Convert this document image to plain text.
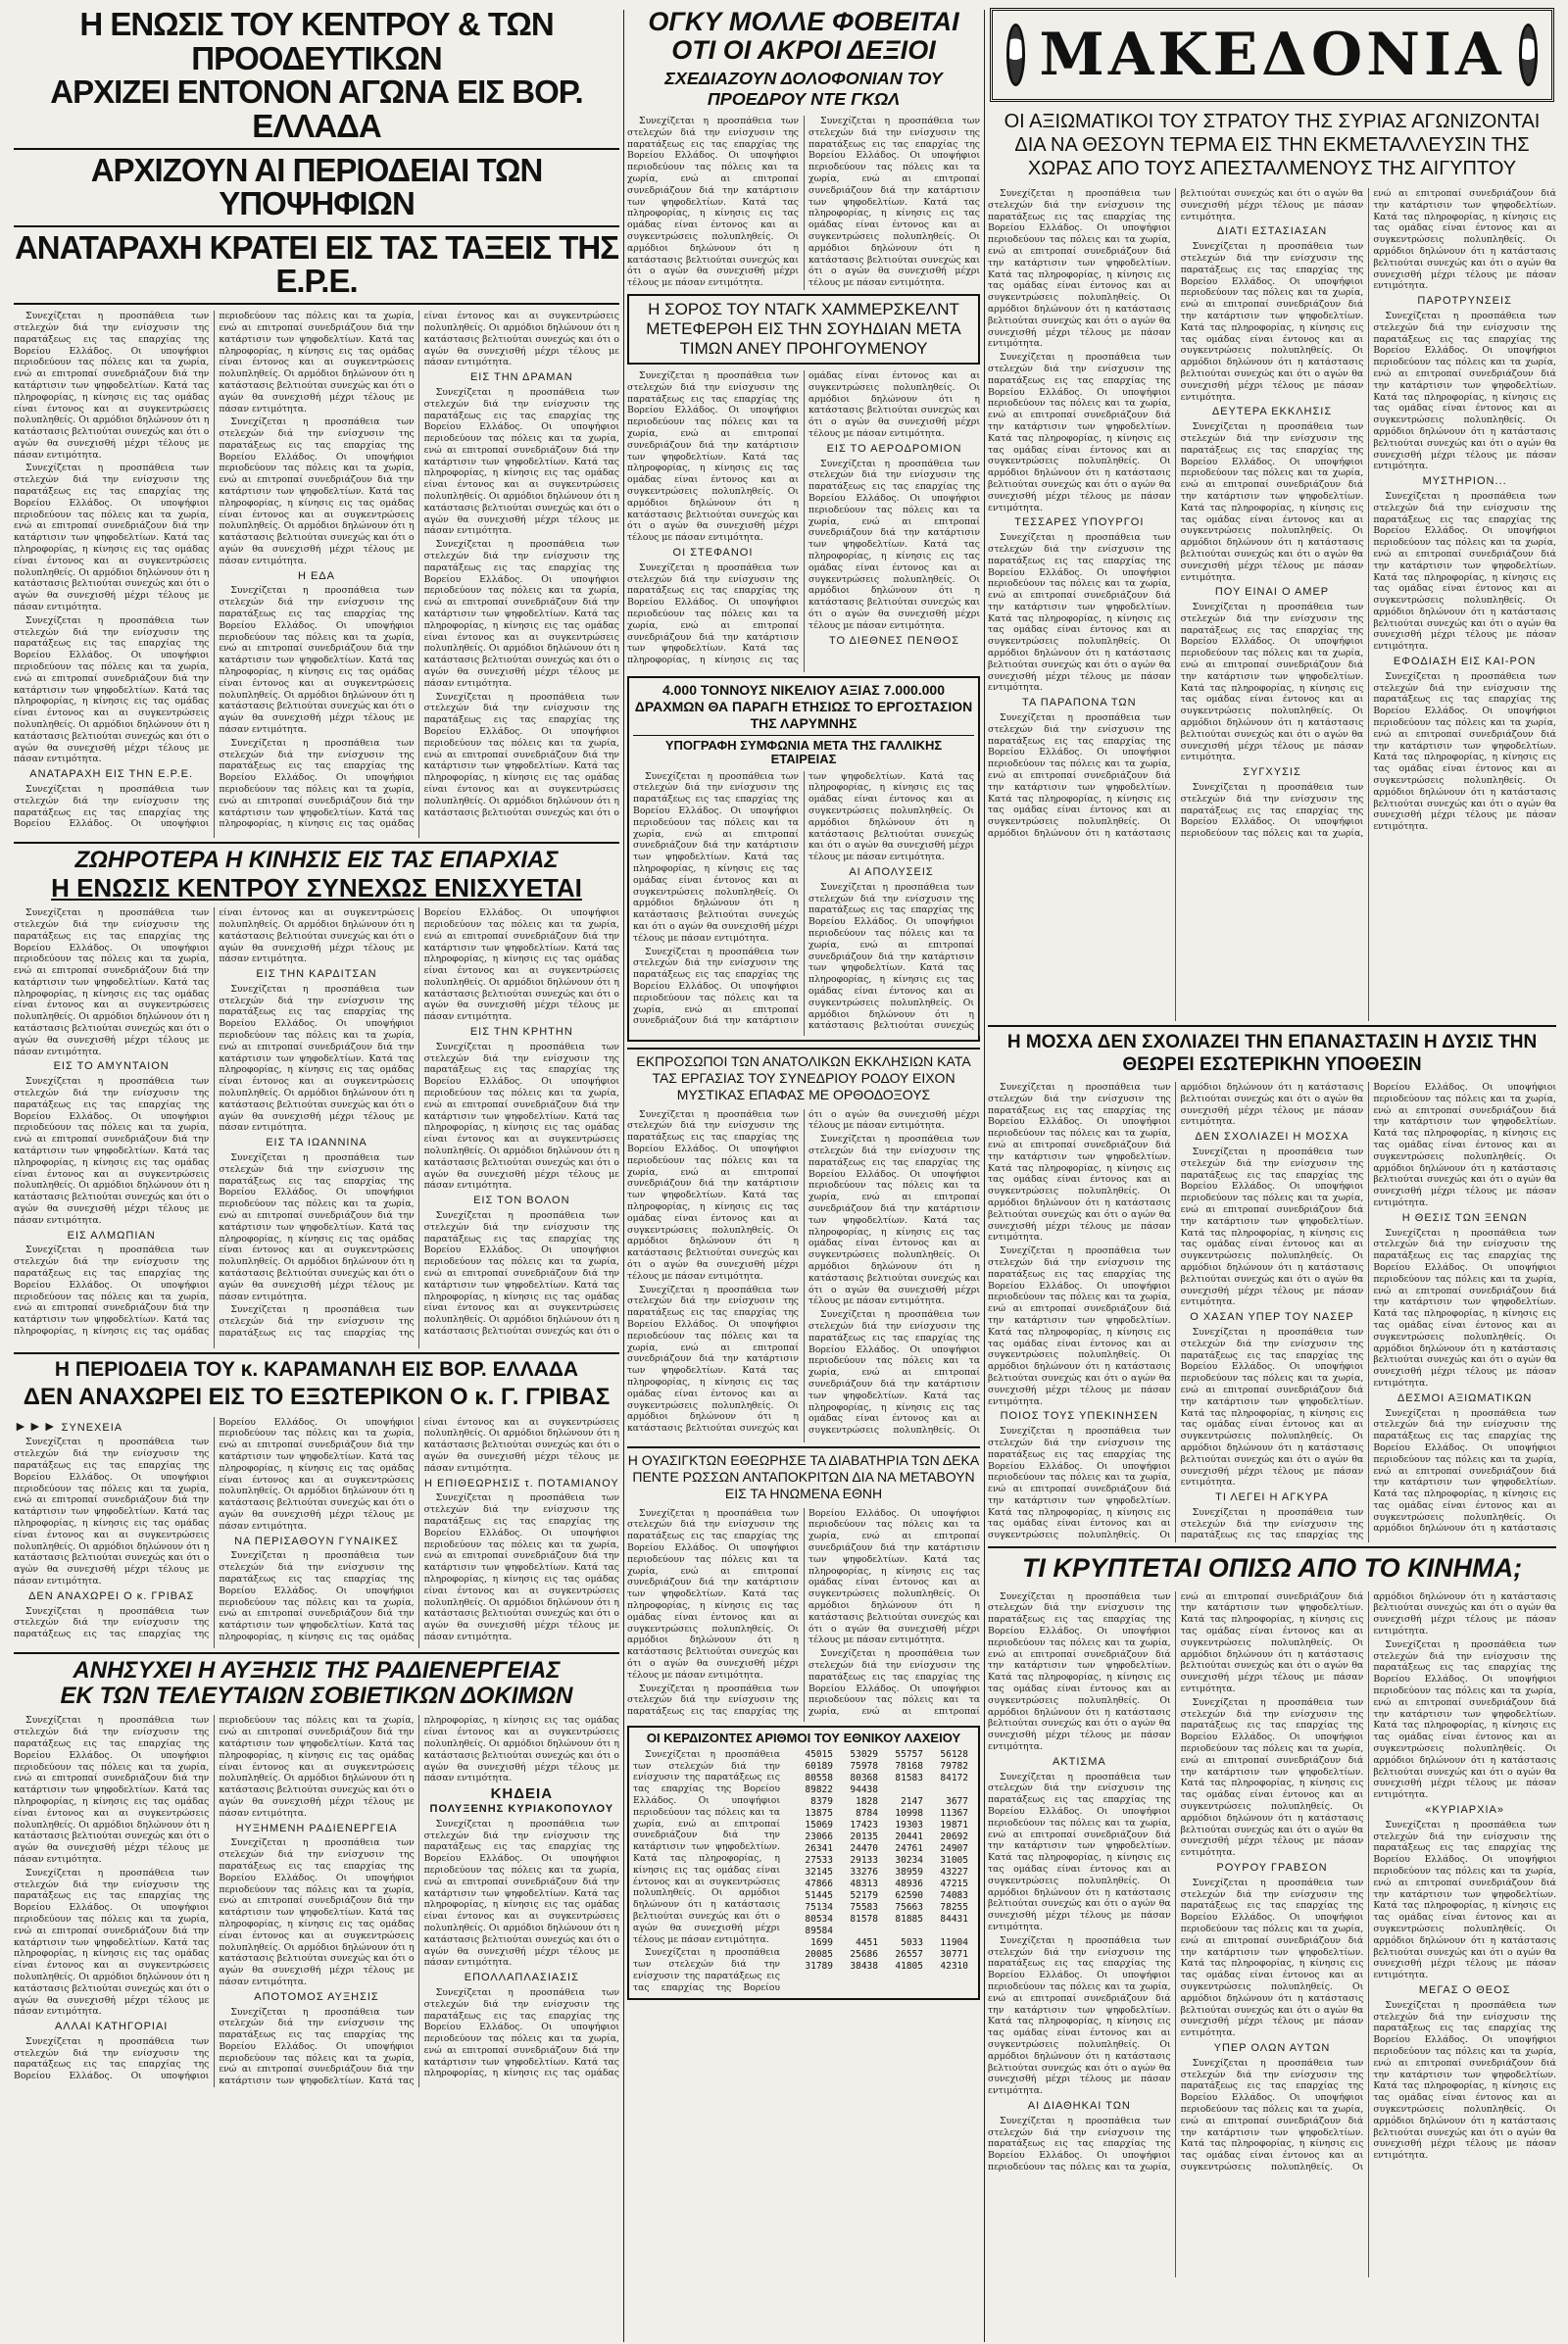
Η ΕΝΩΣΙΣ ΤΟΥ ΚΕΝΤΡΟΥ & ΤΩΝ ΠΡΟΟΔΕΥΤΙΚΩΝ
ΑΡΧΙΖΕΙ ΕΝΤΟΝΟΝ ΑΓΩΝΑ ΕΙΣ ΒΟΡ. ΕΛΛΑΔΑ
ΑΡΧΙΖΟΥΝ ΑΙ ΠΕΡΙΟΔΕΙΑΙ ΤΩΝ ΥΠΟΨΗΦΙΩΝ
ΑΝΑΤΑΡΑΧΗ ΚΡΑΤΕΙ ΕΙΣ ΤΑΣ ΤΑΞΕΙΣ ΤΗΣ Ε.Ρ.Ε.

Συνεχίζεται η προσπάθεια των στελεχών διά την ενίσχυσιν της παρατάξεως εις τας επαρχίας της Βορείου Ελλάδος. Οι υποψήφιοι περιοδεύουν τας πόλεις και τα χωρία, ενώ αι επιτροπαί συνεδριάζουν διά την κατάρτισιν των ψηφοδελτίων. Κατά τας πληροφορίας, η κίνησις εις τας ομάδας είναι έντονος και αι συγκεντρώσεις πολυπληθείς. Οι αρμόδιοι δηλώνουν ότι η κατάστασις βελτιούται συνεχώς και ότι ο αγών θα συνεχισθή μέχρι τέλους με πάσαν εντιμότητα.

Συνεχίζεται η προσπάθεια των στελεχών διά την ενίσχυσιν της παρατάξεως εις τας επαρχίας της Βορείου Ελλάδος. Οι υποψήφιοι περιοδεύουν τας πόλεις και τα χωρία, ενώ αι επιτροπαί συνεδριάζουν διά την κατάρτισιν των ψηφοδελτίων. Κατά τας πληροφορίας, η κίνησις εις τας ομάδας είναι έντονος και αι συγκεντρώσεις πολυπληθείς. Οι αρμόδιοι δηλώνουν ότι η κατάστασις βελτιούται συνεχώς και ότι ο αγών θα συνεχισθή μέχρι τέλους με πάσαν εντιμότητα.

Συνεχίζεται η προσπάθεια των στελεχών διά την ενίσχυσιν της παρατάξεως εις τας επαρχίας της Βορείου Ελλάδος. Οι υποψήφιοι περιοδεύουν τας πόλεις και τα χωρία, ενώ αι επιτροπαί συνεδριάζουν διά την κατάρτισιν των ψηφοδελτίων. Κατά τας πληροφορίας, η κίνησις εις τας ομάδας είναι έντονος και αι συγκεντρώσεις πολυπληθείς. Οι αρμόδιοι δηλώνουν ότι η κατάστασις βελτιούται συνεχώς και ότι ο αγών θα συνεχισθή μέχρι τέλους με πάσαν εντιμότητα.

ΑΝΑΤΑΡΑΧΗ ΕΙΣ ΤΗΝ Ε.Ρ.Ε.

Συνεχίζεται η προσπάθεια των στελεχών διά την ενίσχυσιν της παρατάξεως εις τας επαρχίας της Βορείου Ελλάδος. Οι υποψήφιοι περιοδεύουν τας πόλεις και τα χωρία, ενώ αι επιτροπαί συνεδριάζουν διά την κατάρτισιν των ψηφοδελτίων. Κατά τας πληροφορίας, η κίνησις εις τας ομάδας είναι έντονος και αι συγκεντρώσεις πολυπληθείς. Οι αρμόδιοι δηλώνουν ότι η κατάστασις βελτιούται συνεχώς και ότι ο αγών θα συνεχισθή μέχρι τέλους με πάσαν εντιμότητα.

Συνεχίζεται η προσπάθεια των στελεχών διά την ενίσχυσιν της παρατάξεως εις τας επαρχίας της Βορείου Ελλάδος. Οι υποψήφιοι περιοδεύουν τας πόλεις και τα χωρία, ενώ αι επιτροπαί συνεδριάζουν διά την κατάρτισιν των ψηφοδελτίων. Κατά τας πληροφορίας, η κίνησις εις τας ομάδας είναι έντονος και αι συγκεντρώσεις πολυπληθείς. Οι αρμόδιοι δηλώνουν ότι η κατάστασις βελτιούται συνεχώς και ότι ο αγών θα συνεχισθή μέχρι τέλους με πάσαν εντιμότητα.

Η ΕΔΑ

Συνεχίζεται η προσπάθεια των στελεχών διά την ενίσχυσιν της παρατάξεως εις τας επαρχίας της Βορείου Ελλάδος. Οι υποψήφιοι περιοδεύουν τας πόλεις και τα χωρία, ενώ αι επιτροπαί συνεδριάζουν διά την κατάρτισιν των ψηφοδελτίων. Κατά τας πληροφορίας, η κίνησις εις τας ομάδας είναι έντονος και αι συγκεντρώσεις πολυπληθείς. Οι αρμόδιοι δηλώνουν ότι η κατάστασις βελτιούται συνεχώς και ότι ο αγών θα συνεχισθή μέχρι τέλους με πάσαν εντιμότητα.

Συνεχίζεται η προσπάθεια των στελεχών διά την ενίσχυσιν της παρατάξεως εις τας επαρχίας της Βορείου Ελλάδος. Οι υποψήφιοι περιοδεύουν τας πόλεις και τα χωρία, ενώ αι επιτροπαί συνεδριάζουν διά την κατάρτισιν των ψηφοδελτίων. Κατά τας πληροφορίας, η κίνησις εις τας ομάδας είναι έντονος και αι συγκεντρώσεις πολυπληθείς. Οι αρμόδιοι δηλώνουν ότι η κατάστασις βελτιούται συνεχώς και ότι ο αγών θα συνεχισθή μέχρι τέλους με πάσαν εντιμότητα.

ΕΙΣ ΤΗΝ ΔΡΑΜΑΝ

Συνεχίζεται η προσπάθεια των στελεχών διά την ενίσχυσιν της παρατάξεως εις τας επαρχίας της Βορείου Ελλάδος. Οι υποψήφιοι περιοδεύουν τας πόλεις και τα χωρία, ενώ αι επιτροπαί συνεδριάζουν διά την κατάρτισιν των ψηφοδελτίων. Κατά τας πληροφορίας, η κίνησις εις τας ομάδας είναι έντονος και αι συγκεντρώσεις πολυπληθείς. Οι αρμόδιοι δηλώνουν ότι η κατάστασις βελτιούται συνεχώς και ότι ο αγών θα συνεχισθή μέχρι τέλους με πάσαν εντιμότητα.

Συνεχίζεται η προσπάθεια των στελεχών διά την ενίσχυσιν της παρατάξεως εις τας επαρχίας της Βορείου Ελλάδος. Οι υποψήφιοι περιοδεύουν τας πόλεις και τα χωρία, ενώ αι επιτροπαί συνεδριάζουν διά την κατάρτισιν των ψηφοδελτίων. Κατά τας πληροφορίας, η κίνησις εις τας ομάδας είναι έντονος και αι συγκεντρώσεις πολυπληθείς. Οι αρμόδιοι δηλώνουν ότι η κατάστασις βελτιούται συνεχώς και ότι ο αγών θα συνεχισθή μέχρι τέλους με πάσαν εντιμότητα.

Συνεχίζεται η προσπάθεια των στελεχών διά την ενίσχυσιν της παρατάξεως εις τας επαρχίας της Βορείου Ελλάδος. Οι υποψήφιοι περιοδεύουν τας πόλεις και τα χωρία, ενώ αι επιτροπαί συνεδριάζουν διά την κατάρτισιν των ψηφοδελτίων. Κατά τας πληροφορίας, η κίνησις εις τας ομάδας είναι έντονος και αι συγκεντρώσεις πολυπληθείς. Οι αρμόδιοι δηλώνουν ότι η κατάστασις βελτιούται συνεχώς και ότι ο

ΖΩΗΡΟΤΕΡΑ Η ΚΙΝΗΣΙΣ ΕΙΣ ΤΑΣ ΕΠΑΡΧΙΑΣ
Η ΕΝΩΣΙΣ ΚΕΝΤΡΟΥ ΣΥΝΕΧΩΣ ΕΝΙΣΧΥΕΤΑΙ

Συνεχίζεται η προσπάθεια των στελεχών διά την ενίσχυσιν της παρατάξεως εις τας επαρχίας της Βορείου Ελλάδος. Οι υποψήφιοι περιοδεύουν τας πόλεις και τα χωρία, ενώ αι επιτροπαί συνεδριάζουν διά την κατάρτισιν των ψηφοδελτίων. Κατά τας πληροφορίας, η κίνησις εις τας ομάδας είναι έντονος και αι συγκεντρώσεις πολυπληθείς. Οι αρμόδιοι δηλώνουν ότι η κατάστασις βελτιούται συνεχώς και ότι ο αγών θα συνεχισθή μέχρι τέλους με πάσαν εντιμότητα.

ΕΙΣ ΤΟ ΑΜΥΝΤΑΙΟΝ

Συνεχίζεται η προσπάθεια των στελεχών διά την ενίσχυσιν της παρατάξεως εις τας επαρχίας της Βορείου Ελλάδος. Οι υποψήφιοι περιοδεύουν τας πόλεις και τα χωρία, ενώ αι επιτροπαί συνεδριάζουν διά την κατάρτισιν των ψηφοδελτίων. Κατά τας πληροφορίας, η κίνησις εις τας ομάδας είναι έντονος και αι συγκεντρώσεις πολυπληθείς. Οι αρμόδιοι δηλώνουν ότι η κατάστασις βελτιούται συνεχώς και ότι ο αγών θα συνεχισθή μέχρι τέλους με πάσαν εντιμότητα.

ΕΙΣ ΑΛΜΩΠΙΑΝ

Συνεχίζεται η προσπάθεια των στελεχών διά την ενίσχυσιν της παρατάξεως εις τας επαρχίας της Βορείου Ελλάδος. Οι υποψήφιοι περιοδεύουν τας πόλεις και τα χωρία, ενώ αι επιτροπαί συνεδριάζουν διά την κατάρτισιν των ψηφοδελτίων. Κατά τας πληροφορίας, η κίνησις εις τας ομάδας είναι έντονος και αι συγκεντρώσεις πολυπληθείς. Οι αρμόδιοι δηλώνουν ότι η κατάστασις βελτιούται συνεχώς και ότι ο αγών θα συνεχισθή μέχρι τέλους με πάσαν εντιμότητα.

ΕΙΣ ΤΗΝ ΚΑΡΔΙΤΣΑΝ

Συνεχίζεται η προσπάθεια των στελεχών διά την ενίσχυσιν της παρατάξεως εις τας επαρχίας της Βορείου Ελλάδος. Οι υποψήφιοι περιοδεύουν τας πόλεις και τα χωρία, ενώ αι επιτροπαί συνεδριάζουν διά την κατάρτισιν των ψηφοδελτίων. Κατά τας πληροφορίας, η κίνησις εις τας ομάδας είναι έντονος και αι συγκεντρώσεις πολυπληθείς. Οι αρμόδιοι δηλώνουν ότι η κατάστασις βελτιούται συνεχώς και ότι ο αγών θα συνεχισθή μέχρι τέλους με πάσαν εντιμότητα.

ΕΙΣ ΤΑ ΙΩΑΝΝΙΝΑ

Συνεχίζεται η προσπάθεια των στελεχών διά την ενίσχυσιν της παρατάξεως εις τας επαρχίας της Βορείου Ελλάδος. Οι υποψήφιοι περιοδεύουν τας πόλεις και τα χωρία, ενώ αι επιτροπαί συνεδριάζουν διά την κατάρτισιν των ψηφοδελτίων. Κατά τας πληροφορίας, η κίνησις εις τας ομάδας είναι έντονος και αι συγκεντρώσεις πολυπληθείς. Οι αρμόδιοι δηλώνουν ότι η κατάστασις βελτιούται συνεχώς και ότι ο αγών θα συνεχισθή μέχρι τέλους με πάσαν εντιμότητα.

Συνεχίζεται η προσπάθεια των στελεχών διά την ενίσχυσιν της παρατάξεως εις τας επαρχίας της Βορείου Ελλάδος. Οι υποψήφιοι περιοδεύουν τας πόλεις και τα χωρία, ενώ αι επιτροπαί συνεδριάζουν διά την κατάρτισιν των ψηφοδελτίων. Κατά τας πληροφορίας, η κίνησις εις τας ομάδας είναι έντονος και αι συγκεντρώσεις πολυπληθείς. Οι αρμόδιοι δηλώνουν ότι η κατάστασις βελτιούται συνεχώς και ότι ο αγών θα συνεχισθή μέχρι τέλους με πάσαν εντιμότητα.

ΕΙΣ ΤΗΝ ΚΡΗΤΗΝ

Συνεχίζεται η προσπάθεια των στελεχών διά την ενίσχυσιν της παρατάξεως εις τας επαρχίας της Βορείου Ελλάδος. Οι υποψήφιοι περιοδεύουν τας πόλεις και τα χωρία, ενώ αι επιτροπαί συνεδριάζουν διά την κατάρτισιν των ψηφοδελτίων. Κατά τας πληροφορίας, η κίνησις εις τας ομάδας είναι έντονος και αι συγκεντρώσεις πολυπληθείς. Οι αρμόδιοι δηλώνουν ότι η κατάστασις βελτιούται συνεχώς και ότι ο αγών θα συνεχισθή μέχρι τέλους με πάσαν εντιμότητα.

ΕΙΣ ΤΟΝ ΒΟΛΟΝ

Συνεχίζεται η προσπάθεια των στελεχών διά την ενίσχυσιν της παρατάξεως εις τας επαρχίας της Βορείου Ελλάδος. Οι υποψήφιοι περιοδεύουν τας πόλεις και τα χωρία, ενώ αι επιτροπαί συνεδριάζουν διά την κατάρτισιν των ψηφοδελτίων. Κατά τας πληροφορίας, η κίνησις εις τας ομάδας είναι έντονος και αι συγκεντρώσεις πολυπληθείς. Οι αρμόδιοι δηλώνουν ότι η κατάστασις βελτιούται συνεχώς και ότι ο

Η ΠΕΡΙΟΔΕΙΑ ΤΟΥ κ. ΚΑΡΑΜΑΝΛΗ ΕΙΣ ΒΟΡ. ΕΛΛΑΔΑ
ΔΕΝ ΑΝΑΧΩΡΕΙ ΕΙΣ ΤΟ ΕΞΩΤΕΡΙΚΟΝ Ο κ. Γ. ΓΡΙΒΑΣ
►►► ΣΥΝΕΧΕΙΑ

Συνεχίζεται η προσπάθεια των στελεχών διά την ενίσχυσιν της παρατάξεως εις τας επαρχίας της Βορείου Ελλάδος. Οι υποψήφιοι περιοδεύουν τας πόλεις και τα χωρία, ενώ αι επιτροπαί συνεδριάζουν διά την κατάρτισιν των ψηφοδελτίων. Κατά τας πληροφορίας, η κίνησις εις τας ομάδας είναι έντονος και αι συγκεντρώσεις πολυπληθείς. Οι αρμόδιοι δηλώνουν ότι η κατάστασις βελτιούται συνεχώς και ότι ο αγών θα συνεχισθή μέχρι τέλους με πάσαν εντιμότητα.

ΔΕΝ ΑΝΑΧΩΡΕΙ Ο κ. ΓΡΙΒΑΣ

Συνεχίζεται η προσπάθεια των στελεχών διά την ενίσχυσιν της παρατάξεως εις τας επαρχίας της Βορείου Ελλάδος. Οι υποψήφιοι περιοδεύουν τας πόλεις και τα χωρία, ενώ αι επιτροπαί συνεδριάζουν διά την κατάρτισιν των ψηφοδελτίων. Κατά τας πληροφορίας, η κίνησις εις τας ομάδας είναι έντονος και αι συγκεντρώσεις πολυπληθείς. Οι αρμόδιοι δηλώνουν ότι η κατάστασις βελτιούται συνεχώς και ότι ο αγών θα συνεχισθή μέχρι τέλους με πάσαν εντιμότητα.

ΝΑ ΠΕΡΙΣΑΘΟΥΝ ΓΥΝΑΙΚΕΣ

Συνεχίζεται η προσπάθεια των στελεχών διά την ενίσχυσιν της παρατάξεως εις τας επαρχίας της Βορείου Ελλάδος. Οι υποψήφιοι περιοδεύουν τας πόλεις και τα χωρία, ενώ αι επιτροπαί συνεδριάζουν διά την κατάρτισιν των ψηφοδελτίων. Κατά τας πληροφορίας, η κίνησις εις τας ομάδας είναι έντονος και αι συγκεντρώσεις πολυπληθείς. Οι αρμόδιοι δηλώνουν ότι η κατάστασις βελτιούται συνεχώς και ότι ο αγών θα συνεχισθή μέχρι τέλους με πάσαν εντιμότητα.

Η ΕΠΙΘΕΩΡΗΣΙΣ τ. ΠΟΤΑΜΙΑΝΟΥ

Συνεχίζεται η προσπάθεια των στελεχών διά την ενίσχυσιν της παρατάξεως εις τας επαρχίας της Βορείου Ελλάδος. Οι υποψήφιοι περιοδεύουν τας πόλεις και τα χωρία, ενώ αι επιτροπαί συνεδριάζουν διά την κατάρτισιν των ψηφοδελτίων. Κατά τας πληροφορίας, η κίνησις εις τας ομάδας είναι έντονος και αι συγκεντρώσεις πολυπληθείς. Οι αρμόδιοι δηλώνουν ότι η κατάστασις βελτιούται συνεχώς και ότι ο αγών θα συνεχισθή μέχρι τέλους με πάσαν εντιμότητα.

ΑΝΗΣΥΧΕΙ Η ΑΥΞΗΣΙΣ ΤΗΣ ΡΑΔΙΕΝΕΡΓΕΙΑΣ
ΕΚ ΤΩΝ ΤΕΛΕΥΤΑΙΩΝ ΣΟΒΙΕΤΙΚΩΝ ΔΟΚΙΜΩΝ

Συνεχίζεται η προσπάθεια των στελεχών διά την ενίσχυσιν της παρατάξεως εις τας επαρχίας της Βορείου Ελλάδος. Οι υποψήφιοι περιοδεύουν τας πόλεις και τα χωρία, ενώ αι επιτροπαί συνεδριάζουν διά την κατάρτισιν των ψηφοδελτίων. Κατά τας πληροφορίας, η κίνησις εις τας ομάδας είναι έντονος και αι συγκεντρώσεις πολυπληθείς. Οι αρμόδιοι δηλώνουν ότι η κατάστασις βελτιούται συνεχώς και ότι ο αγών θα συνεχισθή μέχρι τέλους με πάσαν εντιμότητα.

Συνεχίζεται η προσπάθεια των στελεχών διά την ενίσχυσιν της παρατάξεως εις τας επαρχίας της Βορείου Ελλάδος. Οι υποψήφιοι περιοδεύουν τας πόλεις και τα χωρία, ενώ αι επιτροπαί συνεδριάζουν διά την κατάρτισιν των ψηφοδελτίων. Κατά τας πληροφορίας, η κίνησις εις τας ομάδας είναι έντονος και αι συγκεντρώσεις πολυπληθείς. Οι αρμόδιοι δηλώνουν ότι η κατάστασις βελτιούται συνεχώς και ότι ο αγών θα συνεχισθή μέχρι τέλους με πάσαν εντιμότητα.

ΑΛΛΑΙ ΚΑΤΗΓΟΡΙΑΙ

Συνεχίζεται η προσπάθεια των στελεχών διά την ενίσχυσιν της παρατάξεως εις τας επαρχίας της Βορείου Ελλάδος. Οι υποψήφιοι περιοδεύουν τας πόλεις και τα χωρία, ενώ αι επιτροπαί συνεδριάζουν διά την κατάρτισιν των ψηφοδελτίων. Κατά τας πληροφορίας, η κίνησις εις τας ομάδας είναι έντονος και αι συγκεντρώσεις πολυπληθείς. Οι αρμόδιοι δηλώνουν ότι η κατάστασις βελτιούται συνεχώς και ότι ο αγών θα συνεχισθή μέχρι τέλους με πάσαν εντιμότητα.

ΗΥΞΗΜΕΝΗ ΡΑΔΙΕΝΕΡΓΕΙΑ

Συνεχίζεται η προσπάθεια των στελεχών διά την ενίσχυσιν της παρατάξεως εις τας επαρχίας της Βορείου Ελλάδος. Οι υποψήφιοι περιοδεύουν τας πόλεις και τα χωρία, ενώ αι επιτροπαί συνεδριάζουν διά την κατάρτισιν των ψηφοδελτίων. Κατά τας πληροφορίας, η κίνησις εις τας ομάδας είναι έντονος και αι συγκεντρώσεις πολυπληθείς. Οι αρμόδιοι δηλώνουν ότι η κατάστασις βελτιούται συνεχώς και ότι ο αγών θα συνεχισθή μέχρι τέλους με πάσαν εντιμότητα.

ΑΠΟΤΟΜΟΣ ΑΥΞΗΣΙΣ

Συνεχίζεται η προσπάθεια των στελεχών διά την ενίσχυσιν της παρατάξεως εις τας επαρχίας της Βορείου Ελλάδος. Οι υποψήφιοι περιοδεύουν τας πόλεις και τα χωρία, ενώ αι επιτροπαί συνεδριάζουν διά την κατάρτισιν των ψηφοδελτίων. Κατά τας πληροφορίας, η κίνησις εις τας ομάδας είναι έντονος και αι συγκεντρώσεις πολυπληθείς. Οι αρμόδιοι δηλώνουν ότι η κατάστασις βελτιούται συνεχώς και ότι ο αγών θα συνεχισθή μέχρι τέλους με πάσαν εντιμότητα.

ΚΗΔΕΙΑ
ΠΟΛΥΞΕΝΗΣ ΚΥΡΙΑΚΟΠΟΥΛΟΥ

Συνεχίζεται η προσπάθεια των στελεχών διά την ενίσχυσιν της παρατάξεως εις τας επαρχίας της Βορείου Ελλάδος. Οι υποψήφιοι περιοδεύουν τας πόλεις και τα χωρία, ενώ αι επιτροπαί συνεδριάζουν διά την κατάρτισιν των ψηφοδελτίων. Κατά τας πληροφορίας, η κίνησις εις τας ομάδας είναι έντονος και αι συγκεντρώσεις πολυπληθείς. Οι αρμόδιοι δηλώνουν ότι η κατάστασις βελτιούται συνεχώς και ότι ο αγών θα συνεχισθή μέχρι τέλους με πάσαν εντιμότητα.

ΕΠΟΛΛΑΠΛΑΣΙΑΣΙΣ

Συνεχίζεται η προσπάθεια των στελεχών διά την ενίσχυσιν της παρατάξεως εις τας επαρχίας της Βορείου Ελλάδος. Οι υποψήφιοι περιοδεύουν τας πόλεις και τα χωρία, ενώ αι επιτροπαί συνεδριάζουν διά την κατάρτισιν των ψηφοδελτίων. Κατά τας πληροφορίας, η κίνησις εις τας ομάδας

ΟΓΚΥ ΜΟΛΛΕ ΦΟΒΕΙΤΑΙ ΟΤΙ ΟΙ ΑΚΡΟΙ ΔΕΞΙΟΙ
ΣΧΕΔΙΑΖΟΥΝ ΔΟΛΟΦΟΝΙΑΝ ΤΟΥ ΠΡΟΕΔΡΟΥ ΝΤΕ ΓΚΩΛ

Συνεχίζεται η προσπάθεια των στελεχών διά την ενίσχυσιν της παρατάξεως εις τας επαρχίας της Βορείου Ελλάδος. Οι υποψήφιοι περιοδεύουν τας πόλεις και τα χωρία, ενώ αι επιτροπαί συνεδριάζουν διά την κατάρτισιν των ψηφοδελτίων. Κατά τας πληροφορίας, η κίνησις εις τας ομάδας είναι έντονος και αι συγκεντρώσεις πολυπληθείς. Οι αρμόδιοι δηλώνουν ότι η κατάστασις βελτιούται συνεχώς και ότι ο αγών θα συνεχισθή μέχρι τέλους με πάσαν εντιμότητα.

Συνεχίζεται η προσπάθεια των στελεχών διά την ενίσχυσιν της παρατάξεως εις τας επαρχίας της Βορείου Ελλάδος. Οι υποψήφιοι περιοδεύουν τας πόλεις και τα χωρία, ενώ αι επιτροπαί συνεδριάζουν διά την κατάρτισιν των ψηφοδελτίων. Κατά τας πληροφορίας, η κίνησις εις τας ομάδας είναι έντονος και αι συγκεντρώσεις πολυπληθείς. Οι αρμόδιοι δηλώνουν ότι η κατάστασις βελτιούται συνεχώς και ότι ο αγών θα συνεχισθή μέχρι τέλους με πάσαν εντιμότητα.

Η ΣΟΡΟΣ ΤΟΥ ΝΤΑΓΚ ΧΑΜΜΕΡΣΚΕΛΝΤ ΜΕΤΕΦΕΡΘΗ ΕΙΣ ΤΗΝ ΣΟΥΗΔΙΑΝ ΜΕΤΑ ΤΙΜΩΝ ΑΝΕΥ ΠΡΟΗΓΟΥΜΕΝΟΥ

Συνεχίζεται η προσπάθεια των στελεχών διά την ενίσχυσιν της παρατάξεως εις τας επαρχίας της Βορείου Ελλάδος. Οι υποψήφιοι περιοδεύουν τας πόλεις και τα χωρία, ενώ αι επιτροπαί συνεδριάζουν διά την κατάρτισιν των ψηφοδελτίων. Κατά τας πληροφορίας, η κίνησις εις τας ομάδας είναι έντονος και αι συγκεντρώσεις πολυπληθείς. Οι αρμόδιοι δηλώνουν ότι η κατάστασις βελτιούται συνεχώς και ότι ο αγών θα συνεχισθή μέχρι τέλους με πάσαν εντιμότητα.

ΟΙ ΣΤΕΦΑΝΟΙ

Συνεχίζεται η προσπάθεια των στελεχών διά την ενίσχυσιν της παρατάξεως εις τας επαρχίας της Βορείου Ελλάδος. Οι υποψήφιοι περιοδεύουν τας πόλεις και τα χωρία, ενώ αι επιτροπαί συνεδριάζουν διά την κατάρτισιν των ψηφοδελτίων. Κατά τας πληροφορίας, η κίνησις εις τας ομάδας είναι έντονος και αι συγκεντρώσεις πολυπληθείς. Οι αρμόδιοι δηλώνουν ότι η κατάστασις βελτιούται συνεχώς και ότι ο αγών θα συνεχισθή μέχρι τέλους με πάσαν εντιμότητα.

ΕΙΣ ΤΟ ΑΕΡΟΔΡΟΜΙΟΝ

Συνεχίζεται η προσπάθεια των στελεχών διά την ενίσχυσιν της παρατάξεως εις τας επαρχίας της Βορείου Ελλάδος. Οι υποψήφιοι περιοδεύουν τας πόλεις και τα χωρία, ενώ αι επιτροπαί συνεδριάζουν διά την κατάρτισιν των ψηφοδελτίων. Κατά τας πληροφορίας, η κίνησις εις τας ομάδας είναι έντονος και αι συγκεντρώσεις πολυπληθείς. Οι αρμόδιοι δηλώνουν ότι η κατάστασις βελτιούται συνεχώς και ότι ο αγών θα συνεχισθή μέχρι τέλους με πάσαν εντιμότητα.

ΤΟ ΔΙΕΘΝΕΣ ΠΕΝΘΟΣ

4.000 ΤΟΝΝΟΥΣ ΝΙΚΕΛΙΟΥ ΑΞΙΑΣ 7.000.000 ΔΡΑΧΜΩΝ ΘΑ ΠΑΡΑΓΗ ΕΤΗΣΙΩΣ ΤΟ ΕΡΓΟΣΤΑΣΙΟΝ ΤΗΣ ΛΑΡΥΜΝΗΣ
ΥΠΟΓΡΑΦΗ ΣΥΜΦΩΝΙΑ ΜΕΤΑ ΤΗΣ ΓΑΛΛΙΚΗΣ ΕΤΑΙΡΕΙΑΣ

Συνεχίζεται η προσπάθεια των στελεχών διά την ενίσχυσιν της παρατάξεως εις τας επαρχίας της Βορείου Ελλάδος. Οι υποψήφιοι περιοδεύουν τας πόλεις και τα χωρία, ενώ αι επιτροπαί συνεδριάζουν διά την κατάρτισιν των ψηφοδελτίων. Κατά τας πληροφορίας, η κίνησις εις τας ομάδας είναι έντονος και αι συγκεντρώσεις πολυπληθείς. Οι αρμόδιοι δηλώνουν ότι η κατάστασις βελτιούται συνεχώς και ότι ο αγών θα συνεχισθή μέχρι τέλους με πάσαν εντιμότητα.

Συνεχίζεται η προσπάθεια των στελεχών διά την ενίσχυσιν της παρατάξεως εις τας επαρχίας της Βορείου Ελλάδος. Οι υποψήφιοι περιοδεύουν τας πόλεις και τα χωρία, ενώ αι επιτροπαί συνεδριάζουν διά την κατάρτισιν των ψηφοδελτίων. Κατά τας πληροφορίας, η κίνησις εις τας ομάδας είναι έντονος και αι συγκεντρώσεις πολυπληθείς. Οι αρμόδιοι δηλώνουν ότι η κατάστασις βελτιούται συνεχώς και ότι ο αγών θα συνεχισθή μέχρι τέλους με πάσαν εντιμότητα.

ΑΙ ΑΠΟΛΥΣΕΙΣ

Συνεχίζεται η προσπάθεια των στελεχών διά την ενίσχυσιν της παρατάξεως εις τας επαρχίας της Βορείου Ελλάδος. Οι υποψήφιοι περιοδεύουν τας πόλεις και τα χωρία, ενώ αι επιτροπαί συνεδριάζουν διά την κατάρτισιν των ψηφοδελτίων. Κατά τας πληροφορίας, η κίνησις εις τας ομάδας είναι έντονος και αι συγκεντρώσεις πολυπληθείς. Οι αρμόδιοι δηλώνουν ότι η κατάστασις βελτιούται συνεχώς

ΕΚΠΡΟΣΩΠΟΙ ΤΩΝ ΑΝΑΤΟΛΙΚΩΝ ΕΚΚΛΗΣΙΩΝ ΚΑΤΑ ΤΑΣ ΕΡΓΑΣΙΑΣ ΤΟΥ ΣΥΝΕΔΡΙΟΥ ΡΟΔΟΥ ΕΙΧΟΝ ΜΥΣΤΙΚΑΣ ΕΠΑΦΑΣ ΜΕ ΟΡΘΟΔΟΞΟΥΣ

Συνεχίζεται η προσπάθεια των στελεχών διά την ενίσχυσιν της παρατάξεως εις τας επαρχίας της Βορείου Ελλάδος. Οι υποψήφιοι περιοδεύουν τας πόλεις και τα χωρία, ενώ αι επιτροπαί συνεδριάζουν διά την κατάρτισιν των ψηφοδελτίων. Κατά τας πληροφορίας, η κίνησις εις τας ομάδας είναι έντονος και αι συγκεντρώσεις πολυπληθείς. Οι αρμόδιοι δηλώνουν ότι η κατάστασις βελτιούται συνεχώς και ότι ο αγών θα συνεχισθή μέχρι τέλους με πάσαν εντιμότητα.

Συνεχίζεται η προσπάθεια των στελεχών διά την ενίσχυσιν της παρατάξεως εις τας επαρχίας της Βορείου Ελλάδος. Οι υποψήφιοι περιοδεύουν τας πόλεις και τα χωρία, ενώ αι επιτροπαί συνεδριάζουν διά την κατάρτισιν των ψηφοδελτίων. Κατά τας πληροφορίας, η κίνησις εις τας ομάδας είναι έντονος και αι συγκεντρώσεις πολυπληθείς. Οι αρμόδιοι δηλώνουν ότι η κατάστασις βελτιούται συνεχώς και ότι ο αγών θα συνεχισθή μέχρι τέλους με πάσαν εντιμότητα.

Συνεχίζεται η προσπάθεια των στελεχών διά την ενίσχυσιν της παρατάξεως εις τας επαρχίας της Βορείου Ελλάδος. Οι υποψήφιοι περιοδεύουν τας πόλεις και τα χωρία, ενώ αι επιτροπαί συνεδριάζουν διά την κατάρτισιν των ψηφοδελτίων. Κατά τας πληροφορίας, η κίνησις εις τας ομάδας είναι έντονος και αι συγκεντρώσεις πολυπληθείς. Οι αρμόδιοι δηλώνουν ότι η κατάστασις βελτιούται συνεχώς και ότι ο αγών θα συνεχισθή μέχρι τέλους με πάσαν εντιμότητα.

Συνεχίζεται η προσπάθεια των στελεχών διά την ενίσχυσιν της παρατάξεως εις τας επαρχίας της Βορείου Ελλάδος. Οι υποψήφιοι περιοδεύουν τας πόλεις και τα χωρία, ενώ αι επιτροπαί συνεδριάζουν διά την κατάρτισιν των ψηφοδελτίων. Κατά τας πληροφορίας, η κίνησις εις τας ομάδας είναι έντονος και αι συγκεντρώσεις πολυπληθείς. Οι

Η ΟΥΑΣΙΓΚΤΩΝ ΕΘΕΩΡΗΣΕ ΤΑ ΔΙΑΒΑΤΗΡΙΑ ΤΩΝ ΔΕΚΑ ΠΕΝΤΕ ΡΩΣΣΩΝ ΑΝΤΑΠΟΚΡΙΤΩΝ ΔΙΑ ΝΑ ΜΕΤΑΒΟΥΝ ΕΙΣ ΤΑ ΗΝΩΜΕΝΑ ΕΘΝΗ

Συνεχίζεται η προσπάθεια των στελεχών διά την ενίσχυσιν της παρατάξεως εις τας επαρχίας της Βορείου Ελλάδος. Οι υποψήφιοι περιοδεύουν τας πόλεις και τα χωρία, ενώ αι επιτροπαί συνεδριάζουν διά την κατάρτισιν των ψηφοδελτίων. Κατά τας πληροφορίας, η κίνησις εις τας ομάδας είναι έντονος και αι συγκεντρώσεις πολυπληθείς. Οι αρμόδιοι δηλώνουν ότι η κατάστασις βελτιούται συνεχώς και ότι ο αγών θα συνεχισθή μέχρι τέλους με πάσαν εντιμότητα.

Συνεχίζεται η προσπάθεια των στελεχών διά την ενίσχυσιν της παρατάξεως εις τας επαρχίας της Βορείου Ελλάδος. Οι υποψήφιοι περιοδεύουν τας πόλεις και τα χωρία, ενώ αι επιτροπαί συνεδριάζουν διά την κατάρτισιν των ψηφοδελτίων. Κατά τας πληροφορίας, η κίνησις εις τας ομάδας είναι έντονος και αι συγκεντρώσεις πολυπληθείς. Οι αρμόδιοι δηλώνουν ότι η κατάστασις βελτιούται συνεχώς και ότι ο αγών θα συνεχισθή μέχρι τέλους με πάσαν εντιμότητα.

Συνεχίζεται η προσπάθεια των στελεχών διά την ενίσχυσιν της παρατάξεως εις τας επαρχίας της Βορείου Ελλάδος. Οι υποψήφιοι περιοδεύουν τας πόλεις και τα χωρία, ενώ αι επιτροπαί

ΟΙ ΚΕΡΔΙΖΟΝΤΕΣ ΑΡΙΘΜΟΙ ΤΟΥ ΕΘΝΙΚΟΥ ΛΑΧΕΙΟΥ

Συνεχίζεται η προσπάθεια των στελεχών διά την ενίσχυσιν της παρατάξεως εις τας επαρχίας της Βορείου Ελλάδος. Οι υποψήφιοι περιοδεύουν τας πόλεις και τα χωρία, ενώ αι επιτροπαί συνεδριάζουν διά την κατάρτισιν των ψηφοδελτίων. Κατά τας πληροφορίας, η κίνησις εις τας ομάδας είναι έντονος και αι συγκεντρώσεις πολυπληθείς. Οι αρμόδιοι δηλώνουν ότι η κατάστασις βελτιούται συνεχώς και ότι ο αγών θα συνεχισθή μέχρι τέλους με πάσαν εντιμότητα.

Συνεχίζεται η προσπάθεια των στελεχών διά την ενίσχυσιν της παρατάξεως εις τας επαρχίας της Βορείου

45015 53029 55757 56128
60189 75978 78168 79782
80558 80368 81583 84172
89822 94438
8379 1828 2147 3677
13875 8784 10998 11367
15069 17423 19303 19871
23066 20135 20441 20692
26341 24470 24761 24907
27533 29133 30234 31005
32145 33276 38959 43227
47866 48313 48936 47215
51445 52179 62590 74083
75134 75583 75663 78255
80534 81578 81885 84431
89584
1699 4451 5033 11904
20085 25686 26557 30771
31789 38438 41805 42310
ΜΑΚΕΔΟΝΙΑ
ΟΙ ΑΞΙΩΜΑΤΙΚΟΙ ΤΟΥ ΣΤΡΑΤΟΥ ΤΗΣ ΣΥΡΙΑΣ ΑΓΩΝΙΖΟΝΤΑΙ ΔΙΑ ΝΑ ΘΕΣΟΥΝ ΤΕΡΜΑ ΕΙΣ ΤΗΝ ΕΚΜΕΤΑΛΛΕΥΣΙΝ ΤΗΣ ΧΩΡΑΣ ΑΠΟ ΤΟΥΣ ΑΠΕΣΤΑΛΜΕΝΟΥΣ ΤΗΣ ΑΙΓΥΠΤΟΥ

Συνεχίζεται η προσπάθεια των στελεχών διά την ενίσχυσιν της παρατάξεως εις τας επαρχίας της Βορείου Ελλάδος. Οι υποψήφιοι περιοδεύουν τας πόλεις και τα χωρία, ενώ αι επιτροπαί συνεδριάζουν διά την κατάρτισιν των ψηφοδελτίων. Κατά τας πληροφορίας, η κίνησις εις τας ομάδας είναι έντονος και αι συγκεντρώσεις πολυπληθείς. Οι αρμόδιοι δηλώνουν ότι η κατάστασις βελτιούται συνεχώς και ότι ο αγών θα συνεχισθή μέχρι τέλους με πάσαν εντιμότητα.

Συνεχίζεται η προσπάθεια των στελεχών διά την ενίσχυσιν της παρατάξεως εις τας επαρχίας της Βορείου Ελλάδος. Οι υποψήφιοι περιοδεύουν τας πόλεις και τα χωρία, ενώ αι επιτροπαί συνεδριάζουν διά την κατάρτισιν των ψηφοδελτίων. Κατά τας πληροφορίας, η κίνησις εις τας ομάδας είναι έντονος και αι συγκεντρώσεις πολυπληθείς. Οι αρμόδιοι δηλώνουν ότι η κατάστασις βελτιούται συνεχώς και ότι ο αγών θα συνεχισθή μέχρι τέλους με πάσαν εντιμότητα.

ΤΕΣΣΑΡΕΣ ΥΠΟΥΡΓΟΙ

Συνεχίζεται η προσπάθεια των στελεχών διά την ενίσχυσιν της παρατάξεως εις τας επαρχίας της Βορείου Ελλάδος. Οι υποψήφιοι περιοδεύουν τας πόλεις και τα χωρία, ενώ αι επιτροπαί συνεδριάζουν διά την κατάρτισιν των ψηφοδελτίων. Κατά τας πληροφορίας, η κίνησις εις τας ομάδας είναι έντονος και αι συγκεντρώσεις πολυπληθείς. Οι αρμόδιοι δηλώνουν ότι η κατάστασις βελτιούται συνεχώς και ότι ο αγών θα συνεχισθή μέχρι τέλους με πάσαν εντιμότητα.

ΤΑ ΠΑΡΑΠΟΝΑ ΤΩΝ

Συνεχίζεται η προσπάθεια των στελεχών διά την ενίσχυσιν της παρατάξεως εις τας επαρχίας της Βορείου Ελλάδος. Οι υποψήφιοι περιοδεύουν τας πόλεις και τα χωρία, ενώ αι επιτροπαί συνεδριάζουν διά την κατάρτισιν των ψηφοδελτίων. Κατά τας πληροφορίας, η κίνησις εις τας ομάδας είναι έντονος και αι συγκεντρώσεις πολυπληθείς. Οι αρμόδιοι δηλώνουν ότι η κατάστασις βελτιούται συνεχώς και ότι ο αγών θα συνεχισθή μέχρι τέλους με πάσαν εντιμότητα.

ΔΙΑΤΙ ΕΣΤΑΣΙΑΣΑΝ

Συνεχίζεται η προσπάθεια των στελεχών διά την ενίσχυσιν της παρατάξεως εις τας επαρχίας της Βορείου Ελλάδος. Οι υποψήφιοι περιοδεύουν τας πόλεις και τα χωρία, ενώ αι επιτροπαί συνεδριάζουν διά την κατάρτισιν των ψηφοδελτίων. Κατά τας πληροφορίας, η κίνησις εις τας ομάδας είναι έντονος και αι συγκεντρώσεις πολυπληθείς. Οι αρμόδιοι δηλώνουν ότι η κατάστασις βελτιούται συνεχώς και ότι ο αγών θα συνεχισθή μέχρι τέλους με πάσαν εντιμότητα.

ΔΕΥΤΕΡΑ ΕΚΚΛΗΣΙΣ

Συνεχίζεται η προσπάθεια των στελεχών διά την ενίσχυσιν της παρατάξεως εις τας επαρχίας της Βορείου Ελλάδος. Οι υποψήφιοι περιοδεύουν τας πόλεις και τα χωρία, ενώ αι επιτροπαί συνεδριάζουν διά την κατάρτισιν των ψηφοδελτίων. Κατά τας πληροφορίας, η κίνησις εις τας ομάδας είναι έντονος και αι συγκεντρώσεις πολυπληθείς. Οι αρμόδιοι δηλώνουν ότι η κατάστασις βελτιούται συνεχώς και ότι ο αγών θα συνεχισθή μέχρι τέλους με πάσαν εντιμότητα.

ΠΟΥ ΕΙΝΑΙ Ο ΑΜΕΡ

Συνεχίζεται η προσπάθεια των στελεχών διά την ενίσχυσιν της παρατάξεως εις τας επαρχίας της Βορείου Ελλάδος. Οι υποψήφιοι περιοδεύουν τας πόλεις και τα χωρία, ενώ αι επιτροπαί συνεδριάζουν διά την κατάρτισιν των ψηφοδελτίων. Κατά τας πληροφορίας, η κίνησις εις τας ομάδας είναι έντονος και αι συγκεντρώσεις πολυπληθείς. Οι αρμόδιοι δηλώνουν ότι η κατάστασις βελτιούται συνεχώς και ότι ο αγών θα συνεχισθή μέχρι τέλους με πάσαν εντιμότητα.

ΣΥΓΧΥΣΙΣ

Συνεχίζεται η προσπάθεια των στελεχών διά την ενίσχυσιν της παρατάξεως εις τας επαρχίας της Βορείου Ελλάδος. Οι υποψήφιοι περιοδεύουν τας πόλεις και τα χωρία, ενώ αι επιτροπαί συνεδριάζουν διά την κατάρτισιν των ψηφοδελτίων. Κατά τας πληροφορίας, η κίνησις εις τας ομάδας είναι έντονος και αι συγκεντρώσεις πολυπληθείς. Οι αρμόδιοι δηλώνουν ότι η κατάστασις βελτιούται συνεχώς και ότι ο αγών θα συνεχισθή μέχρι τέλους με πάσαν εντιμότητα.

ΠΑΡΟΤΡΥΝΣΕΙΣ

Συνεχίζεται η προσπάθεια των στελεχών διά την ενίσχυσιν της παρατάξεως εις τας επαρχίας της Βορείου Ελλάδος. Οι υποψήφιοι περιοδεύουν τας πόλεις και τα χωρία, ενώ αι επιτροπαί συνεδριάζουν διά την κατάρτισιν των ψηφοδελτίων. Κατά τας πληροφορίας, η κίνησις εις τας ομάδας είναι έντονος και αι συγκεντρώσεις πολυπληθείς. Οι αρμόδιοι δηλώνουν ότι η κατάστασις βελτιούται συνεχώς και ότι ο αγών θα συνεχισθή μέχρι τέλους με πάσαν εντιμότητα.

ΜΥΣΤΗΡΙΟΝ...

Συνεχίζεται η προσπάθεια των στελεχών διά την ενίσχυσιν της παρατάξεως εις τας επαρχίας της Βορείου Ελλάδος. Οι υποψήφιοι περιοδεύουν τας πόλεις και τα χωρία, ενώ αι επιτροπαί συνεδριάζουν διά την κατάρτισιν των ψηφοδελτίων. Κατά τας πληροφορίας, η κίνησις εις τας ομάδας είναι έντονος και αι συγκεντρώσεις πολυπληθείς. Οι αρμόδιοι δηλώνουν ότι η κατάστασις βελτιούται συνεχώς και ότι ο αγών θα συνεχισθή μέχρι τέλους με πάσαν εντιμότητα.

ΕΦΟΔΙΑΣΗ ΕΙΣ ΚΑΙ-ΡΟΝ

Συνεχίζεται η προσπάθεια των στελεχών διά την ενίσχυσιν της παρατάξεως εις τας επαρχίας της Βορείου Ελλάδος. Οι υποψήφιοι περιοδεύουν τας πόλεις και τα χωρία, ενώ αι επιτροπαί συνεδριάζουν διά την κατάρτισιν των ψηφοδελτίων. Κατά τας πληροφορίας, η κίνησις εις τας ομάδας είναι έντονος και αι συγκεντρώσεις πολυπληθείς. Οι αρμόδιοι δηλώνουν ότι η κατάστασις βελτιούται συνεχώς και ότι ο αγών θα συνεχισθή μέχρι τέλους με πάσαν εντιμότητα.

Η ΜΟΣΧΑ ΔΕΝ ΣΧΟΛΙΑΖΕΙ ΤΗΝ ΕΠΑΝΑΣΤΑΣΙΝ Η ΔΥΣΙΣ ΤΗΝ ΘΕΩΡΕΙ ΕΣΩΤΕΡΙΚΗΝ ΥΠΟΘΕΣΙΝ

Συνεχίζεται η προσπάθεια των στελεχών διά την ενίσχυσιν της παρατάξεως εις τας επαρχίας της Βορείου Ελλάδος. Οι υποψήφιοι περιοδεύουν τας πόλεις και τα χωρία, ενώ αι επιτροπαί συνεδριάζουν διά την κατάρτισιν των ψηφοδελτίων. Κατά τας πληροφορίας, η κίνησις εις τας ομάδας είναι έντονος και αι συγκεντρώσεις πολυπληθείς. Οι αρμόδιοι δηλώνουν ότι η κατάστασις βελτιούται συνεχώς και ότι ο αγών θα συνεχισθή μέχρι τέλους με πάσαν εντιμότητα.

Συνεχίζεται η προσπάθεια των στελεχών διά την ενίσχυσιν της παρατάξεως εις τας επαρχίας της Βορείου Ελλάδος. Οι υποψήφιοι περιοδεύουν τας πόλεις και τα χωρία, ενώ αι επιτροπαί συνεδριάζουν διά την κατάρτισιν των ψηφοδελτίων. Κατά τας πληροφορίας, η κίνησις εις τας ομάδας είναι έντονος και αι συγκεντρώσεις πολυπληθείς. Οι αρμόδιοι δηλώνουν ότι η κατάστασις βελτιούται συνεχώς και ότι ο αγών θα συνεχισθή μέχρι τέλους με πάσαν εντιμότητα.

ΠΟΙΟΣ ΤΟΥΣ ΥΠΕΚΙΝΗΣΕΝ

Συνεχίζεται η προσπάθεια των στελεχών διά την ενίσχυσιν της παρατάξεως εις τας επαρχίας της Βορείου Ελλάδος. Οι υποψήφιοι περιοδεύουν τας πόλεις και τα χωρία, ενώ αι επιτροπαί συνεδριάζουν διά την κατάρτισιν των ψηφοδελτίων. Κατά τας πληροφορίας, η κίνησις εις τας ομάδας είναι έντονος και αι συγκεντρώσεις πολυπληθείς. Οι αρμόδιοι δηλώνουν ότι η κατάστασις βελτιούται συνεχώς και ότι ο αγών θα συνεχισθή μέχρι τέλους με πάσαν εντιμότητα.

ΔΕΝ ΣΧΟΛΙΑΖΕΙ Η ΜΟΣΧΑ

Συνεχίζεται η προσπάθεια των στελεχών διά την ενίσχυσιν της παρατάξεως εις τας επαρχίας της Βορείου Ελλάδος. Οι υποψήφιοι περιοδεύουν τας πόλεις και τα χωρία, ενώ αι επιτροπαί συνεδριάζουν διά την κατάρτισιν των ψηφοδελτίων. Κατά τας πληροφορίας, η κίνησις εις τας ομάδας είναι έντονος και αι συγκεντρώσεις πολυπληθείς. Οι αρμόδιοι δηλώνουν ότι η κατάστασις βελτιούται συνεχώς και ότι ο αγών θα συνεχισθή μέχρι τέλους με πάσαν εντιμότητα.

Ο ΧΑΣΑΝ ΥΠΕΡ ΤΟΥ ΝΑΣΕΡ

Συνεχίζεται η προσπάθεια των στελεχών διά την ενίσχυσιν της παρατάξεως εις τας επαρχίας της Βορείου Ελλάδος. Οι υποψήφιοι περιοδεύουν τας πόλεις και τα χωρία, ενώ αι επιτροπαί συνεδριάζουν διά την κατάρτισιν των ψηφοδελτίων. Κατά τας πληροφορίας, η κίνησις εις τας ομάδας είναι έντονος και αι συγκεντρώσεις πολυπληθείς. Οι αρμόδιοι δηλώνουν ότι η κατάστασις βελτιούται συνεχώς και ότι ο αγών θα συνεχισθή μέχρι τέλους με πάσαν εντιμότητα.

ΤΙ ΛΕΓΕΙ Η ΑΓΚΥΡΑ

Συνεχίζεται η προσπάθεια των στελεχών διά την ενίσχυσιν της παρατάξεως εις τας επαρχίας της Βορείου Ελλάδος. Οι υποψήφιοι περιοδεύουν τας πόλεις και τα χωρία, ενώ αι επιτροπαί συνεδριάζουν διά την κατάρτισιν των ψηφοδελτίων. Κατά τας πληροφορίας, η κίνησις εις τας ομάδας είναι έντονος και αι συγκεντρώσεις πολυπληθείς. Οι αρμόδιοι δηλώνουν ότι η κατάστασις βελτιούται συνεχώς και ότι ο αγών θα συνεχισθή μέχρι τέλους με πάσαν εντιμότητα.

Η ΘΕΣΙΣ ΤΩΝ ΞΕΝΩΝ

Συνεχίζεται η προσπάθεια των στελεχών διά την ενίσχυσιν της παρατάξεως εις τας επαρχίας της Βορείου Ελλάδος. Οι υποψήφιοι περιοδεύουν τας πόλεις και τα χωρία, ενώ αι επιτροπαί συνεδριάζουν διά την κατάρτισιν των ψηφοδελτίων. Κατά τας πληροφορίας, η κίνησις εις τας ομάδας είναι έντονος και αι συγκεντρώσεις πολυπληθείς. Οι αρμόδιοι δηλώνουν ότι η κατάστασις βελτιούται συνεχώς και ότι ο αγών θα συνεχισθή μέχρι τέλους με πάσαν εντιμότητα.

ΔΕΣΜΟΙ ΑΞΙΩΜΑΤΙΚΩΝ

Συνεχίζεται η προσπάθεια των στελεχών διά την ενίσχυσιν της παρατάξεως εις τας επαρχίας της Βορείου Ελλάδος. Οι υποψήφιοι περιοδεύουν τας πόλεις και τα χωρία, ενώ αι επιτροπαί συνεδριάζουν διά την κατάρτισιν των ψηφοδελτίων. Κατά τας πληροφορίας, η κίνησις εις τας ομάδας είναι έντονος και αι συγκεντρώσεις πολυπληθείς. Οι αρμόδιοι δηλώνουν ότι η κατάστασις

ΤΙ ΚΡΥΠΤΕΤΑΙ ΟΠΙΣΩ ΑΠΟ ΤΟ ΚΙΝΗΜΑ;

Συνεχίζεται η προσπάθεια των στελεχών διά την ενίσχυσιν της παρατάξεως εις τας επαρχίας της Βορείου Ελλάδος. Οι υποψήφιοι περιοδεύουν τας πόλεις και τα χωρία, ενώ αι επιτροπαί συνεδριάζουν διά την κατάρτισιν των ψηφοδελτίων. Κατά τας πληροφορίας, η κίνησις εις τας ομάδας είναι έντονος και αι συγκεντρώσεις πολυπληθείς. Οι αρμόδιοι δηλώνουν ότι η κατάστασις βελτιούται συνεχώς και ότι ο αγών θα συνεχισθή μέχρι τέλους με πάσαν εντιμότητα.

ΑΚΤΙΣΜΑ

Συνεχίζεται η προσπάθεια των στελεχών διά την ενίσχυσιν της παρατάξεως εις τας επαρχίας της Βορείου Ελλάδος. Οι υποψήφιοι περιοδεύουν τας πόλεις και τα χωρία, ενώ αι επιτροπαί συνεδριάζουν διά την κατάρτισιν των ψηφοδελτίων. Κατά τας πληροφορίας, η κίνησις εις τας ομάδας είναι έντονος και αι συγκεντρώσεις πολυπληθείς. Οι αρμόδιοι δηλώνουν ότι η κατάστασις βελτιούται συνεχώς και ότι ο αγών θα συνεχισθή μέχρι τέλους με πάσαν εντιμότητα.

Συνεχίζεται η προσπάθεια των στελεχών διά την ενίσχυσιν της παρατάξεως εις τας επαρχίας της Βορείου Ελλάδος. Οι υποψήφιοι περιοδεύουν τας πόλεις και τα χωρία, ενώ αι επιτροπαί συνεδριάζουν διά την κατάρτισιν των ψηφοδελτίων. Κατά τας πληροφορίας, η κίνησις εις τας ομάδας είναι έντονος και αι συγκεντρώσεις πολυπληθείς. Οι αρμόδιοι δηλώνουν ότι η κατάστασις βελτιούται συνεχώς και ότι ο αγών θα συνεχισθή μέχρι τέλους με πάσαν εντιμότητα.

ΑΙ ΔΙΑΘΗΚΑΙ ΤΩΝ

Συνεχίζεται η προσπάθεια των στελεχών διά την ενίσχυσιν της παρατάξεως εις τας επαρχίας της Βορείου Ελλάδος. Οι υποψήφιοι περιοδεύουν τας πόλεις και τα χωρία, ενώ αι επιτροπαί συνεδριάζουν διά την κατάρτισιν των ψηφοδελτίων. Κατά τας πληροφορίας, η κίνησις εις τας ομάδας είναι έντονος και αι συγκεντρώσεις πολυπληθείς. Οι αρμόδιοι δηλώνουν ότι η κατάστασις βελτιούται συνεχώς και ότι ο αγών θα συνεχισθή μέχρι τέλους με πάσαν εντιμότητα.

Συνεχίζεται η προσπάθεια των στελεχών διά την ενίσχυσιν της παρατάξεως εις τας επαρχίας της Βορείου Ελλάδος. Οι υποψήφιοι περιοδεύουν τας πόλεις και τα χωρία, ενώ αι επιτροπαί συνεδριάζουν διά την κατάρτισιν των ψηφοδελτίων. Κατά τας πληροφορίας, η κίνησις εις τας ομάδας είναι έντονος και αι συγκεντρώσεις πολυπληθείς. Οι αρμόδιοι δηλώνουν ότι η κατάστασις βελτιούται συνεχώς και ότι ο αγών θα συνεχισθή μέχρι τέλους με πάσαν εντιμότητα.

ΡΟΥΡΟΥ ΓΡΑΒΣΟΝ

Συνεχίζεται η προσπάθεια των στελεχών διά την ενίσχυσιν της παρατάξεως εις τας επαρχίας της Βορείου Ελλάδος. Οι υποψήφιοι περιοδεύουν τας πόλεις και τα χωρία, ενώ αι επιτροπαί συνεδριάζουν διά την κατάρτισιν των ψηφοδελτίων. Κατά τας πληροφορίας, η κίνησις εις τας ομάδας είναι έντονος και αι συγκεντρώσεις πολυπληθείς. Οι αρμόδιοι δηλώνουν ότι η κατάστασις βελτιούται συνεχώς και ότι ο αγών θα συνεχισθή μέχρι τέλους με πάσαν εντιμότητα.

ΥΠΕΡ ΟΛΩΝ ΑΥΤΩΝ

Συνεχίζεται η προσπάθεια των στελεχών διά την ενίσχυσιν της παρατάξεως εις τας επαρχίας της Βορείου Ελλάδος. Οι υποψήφιοι περιοδεύουν τας πόλεις και τα χωρία, ενώ αι επιτροπαί συνεδριάζουν διά την κατάρτισιν των ψηφοδελτίων. Κατά τας πληροφορίας, η κίνησις εις τας ομάδας είναι έντονος και αι συγκεντρώσεις πολυπληθείς. Οι αρμόδιοι δηλώνουν ότι η κατάστασις βελτιούται συνεχώς και ότι ο αγών θα συνεχισθή μέχρι τέλους με πάσαν εντιμότητα.

Συνεχίζεται η προσπάθεια των στελεχών διά την ενίσχυσιν της παρατάξεως εις τας επαρχίας της Βορείου Ελλάδος. Οι υποψήφιοι περιοδεύουν τας πόλεις και τα χωρία, ενώ αι επιτροπαί συνεδριάζουν διά την κατάρτισιν των ψηφοδελτίων. Κατά τας πληροφορίας, η κίνησις εις τας ομάδας είναι έντονος και αι συγκεντρώσεις πολυπληθείς. Οι αρμόδιοι δηλώνουν ότι η κατάστασις βελτιούται συνεχώς και ότι ο αγών θα συνεχισθή μέχρι τέλους με πάσαν εντιμότητα.

«ΚΥΡΙΑΡΧΙΑ»

Συνεχίζεται η προσπάθεια των στελεχών διά την ενίσχυσιν της παρατάξεως εις τας επαρχίας της Βορείου Ελλάδος. Οι υποψήφιοι περιοδεύουν τας πόλεις και τα χωρία, ενώ αι επιτροπαί συνεδριάζουν διά την κατάρτισιν των ψηφοδελτίων. Κατά τας πληροφορίας, η κίνησις εις τας ομάδας είναι έντονος και αι συγκεντρώσεις πολυπληθείς. Οι αρμόδιοι δηλώνουν ότι η κατάστασις βελτιούται συνεχώς και ότι ο αγών θα συνεχισθή μέχρι τέλους με πάσαν εντιμότητα.

ΜΕΓΑΣ Ο ΘΕΟΣ

Συνεχίζεται η προσπάθεια των στελεχών διά την ενίσχυσιν της παρατάξεως εις τας επαρχίας της Βορείου Ελλάδος. Οι υποψήφιοι περιοδεύουν τας πόλεις και τα χωρία, ενώ αι επιτροπαί συνεδριάζουν διά την κατάρτισιν των ψηφοδελτίων. Κατά τας πληροφορίας, η κίνησις εις τας ομάδας είναι έντονος και αι συγκεντρώσεις πολυπληθείς. Οι αρμόδιοι δηλώνουν ότι η κατάστασις βελτιούται συνεχώς και ότι ο αγών θα συνεχισθή μέχρι τέλους με πάσαν εντιμότητα.
